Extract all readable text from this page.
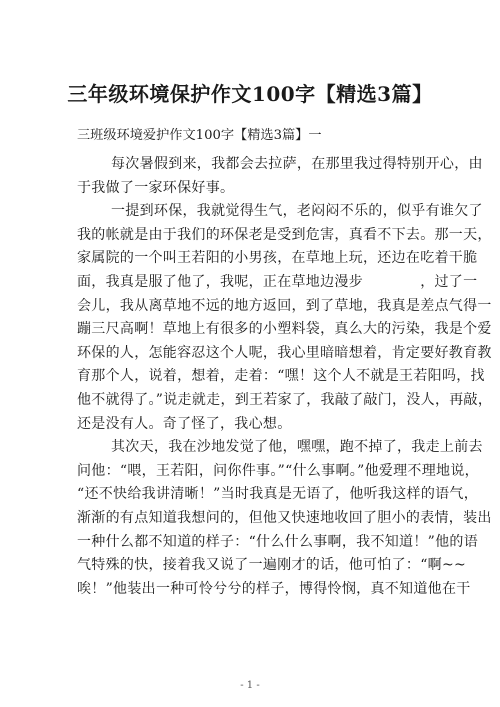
三年级环境保护作文100字【精选3篇】
三班级环境爱护作文100字【精选3篇】一
每次暑假到来，我都会去拉萨，在那里我过得特别开心，由
于我做了一家环保好事。
一提到环保，我就觉得生气，老闷闷不乐的，似乎有谁欠了
我的帐就是由于我们的环保老是受到危害，真看不下去。那一天，
家属院的一个叫王若阳的小男孩，在草地上玩，还边在吃着干脆
面，我真是服了他了，我呢，正在草地边漫步　　　　，过了一
会儿，我从离草地不远的地方返回，到了草地，我真是差点气得一
蹦三尺高啊！草地上有很多的小塑料袋，真么大的污染，我是个爱
环保的人，怎能容忍这个人呢，我心里暗暗想着，肯定要好教育教
育那个人，说着，想着，走着：“嘿！这个人不就是王若阳吗，找
他不就得了。”说走就走，到王若家了，我敲了敲门，没人，再敲，
还是没有人。奇了怪了，我心想。
其次天，我在沙地发觉了他，嘿嘿，跑不掉了，我走上前去
问他：“喂，王若阳，问你件事。”“什么事啊。”他爱理不理地说，
“还不快给我讲清晰！”当时我真是无语了，他听我这样的语气，
渐渐的有点知道我想问的，但他又快速地收回了胆小的表情，装出
一种什么都不知道的样子：“什么什么事啊，我不知道！”他的语
气特殊的快，接着我又说了一遍刚才的话，他可怕了：“啊~~
唉！”他装出一种可怜兮兮的样子，博得怜悯，真不知道他在干
- 1 -
